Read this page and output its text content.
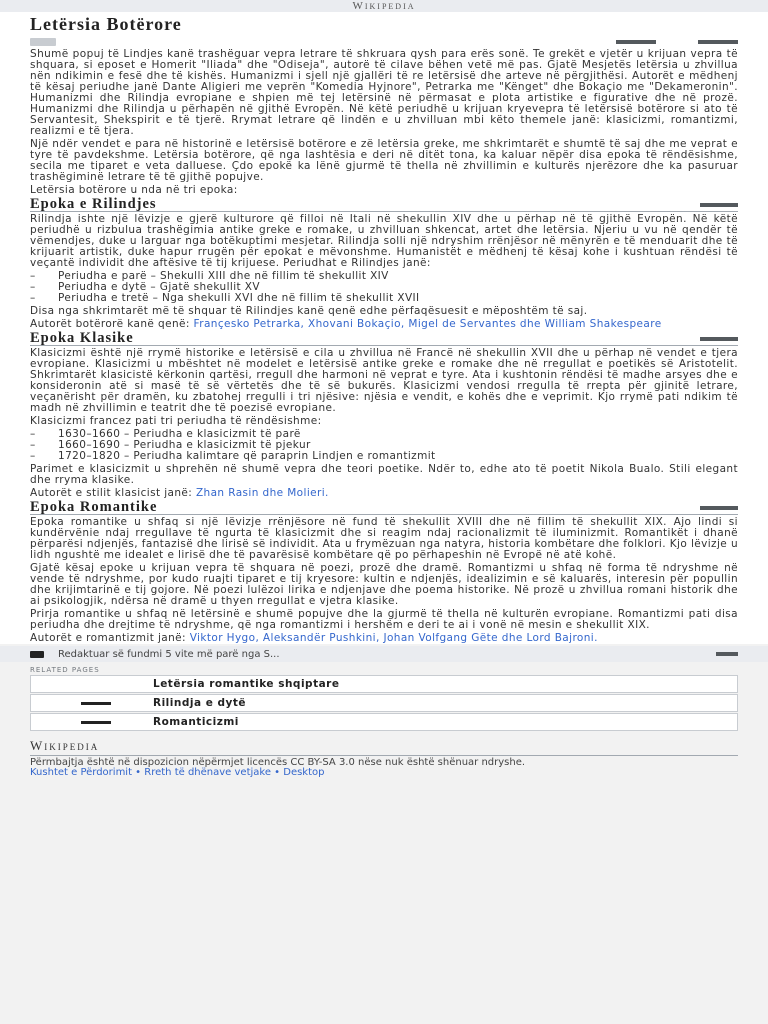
Wikipedia
Letërsia Botërore

Shumë popuj të Lindjes kanë trashëguar vepra letrare të shkruara qysh para erës sonë. Te grekët e vjetër u krijuan vepra të shquara, si eposet e Homerit "Iliada" dhe "Odiseja", autorë të cilave bëhen vetë më pas. Gjatë Mesjetës letërsia u zhvillua nën ndikimin e fesë dhe të kishës. Humanizmi i sjell një gjallëri të re letërsisë dhe arteve në përgjithësi. Autorët e mëdhenj të kësaj periudhe janë Dante Aligieri me veprën "Komedia Hyjnore", Petrarka me "Kënget" dhe Bokaçio me "Dekameronin". Humanizmi dhe Rilindja evropiane e shpien më tej letërsinë në përmasat e plota artistike e figurative dhe në prozë. Humanizmi dhe Rilindja u përhapën në gjithë Evropën. Në këtë periudhë u krijuan kryevepra të letërsisë botërore si ato të Servantesit, Shekspirit e të tjerë. Rrymat letrare që lindën e u zhvilluan mbi këto themele janë: klasicizmi, romantizmi, realizmi e të tjera.

Një ndër vendet e para në historinë e letërsisë botërore e zë letërsia greke, me shkrimtarët e shumtë të saj dhe me veprat e tyre të pavdekshme. Letërsia botërore, që nga lashtësia e deri në ditët tona, ka kaluar nëpër disa epoka të rëndësishme, secila me tiparet e veta dalluese. Çdo epokë ka lënë gjurmë të thella në zhvillimin e kulturës njerëzore dhe ka pasuruar trashëgiminë letrare të të gjithë popujve.

Letërsia botërore u nda në tri epoka:

Epoka e Rilindjes

Rilindja ishte një lëvizje e gjerë kulturore që filloi në Itali në shekullin XIV dhe u përhap në të gjithë Evropën. Në këtë periudhë u rizbulua trashëgimia antike greke e romake, u zhvilluan shkencat, artet dhe letërsia. Njeriu u vu në qendër të vëmendjes, duke u larguar nga botëkuptimi mesjetar. Rilindja solli një ndryshim rrënjësor në mënyrën e të menduarit dhe të krijuarit artistik, duke hapur rrugën për epokat e mëvonshme. Humanistët e mëdhenj të kësaj kohe i kushtuan rëndësi të veçantë individit dhe aftësive të tij krijuese. Periudhat e Rilindjes janë:

– Periudha e parë – Shekulli XIII dhe në fillim të shekullit XIV
– Periudha e dytë – Gjatë shekullit XV
– Periudha e tretë – Nga shekulli XVI dhe në fillim të shekullit XVII

Disa nga shkrimtarët më të shquar të Rilindjes kanë qenë edhe përfaqësuesit e mëposhtëm të saj.

Autorët botërorë kanë qenë: Françesko Petrarka, Xhovani Bokaçio, Migel de Servantes dhe William Shakespeare

Epoka Klasike

Klasicizmi është një rrymë historike e letërsisë e cila u zhvillua në Francë në shekullin XVII dhe u përhap në vendet e tjera evropiane. Klasicizmi u mbështet në modelet e letërsisë antike greke e romake dhe në rregullat e poetikës së Aristotelit. Shkrimtarët klasicistë kërkonin qartësi, rregull dhe harmoni në veprat e tyre. Ata i kushtonin rëndësi të madhe arsyes dhe e konsideronin atë si masë të së vërtetës dhe të së bukurës. Klasicizmi vendosi rregulla të rrepta për gjinitë letrare, veçanërisht për dramën, ku zbatohej rregulli i tri njësive: njësia e vendit, e kohës dhe e veprimit. Kjo rrymë pati ndikim të madh në zhvillimin e teatrit dhe të poezisë evropiane.

Klasicizmi francez pati tri periudha të rëndësishme:

– 1630–1660 – Periudha e klasicizmit të parë
– 1660–1690 – Periudha e klasicizmit të pjekur
– 1720–1820 – Periudha kalimtare që paraprin Lindjen e romantizmit

Parimet e klasicizmit u shprehën në shumë vepra dhe teori poetike. Ndër to, edhe ato të poetit Nikola Bualo. Stili elegant dhe rryma klasike.

Autorët e stilit klasicist janë: Zhan Rasin dhe Molieri.

Epoka Romantike

Epoka romantike u shfaq si një lëvizje rrënjësore në fund të shekullit XVIII dhe në fillim të shekullit XIX. Ajo lindi si kundërvënie ndaj rregullave të ngurta të klasicizmit dhe si reagim ndaj racionalizmit të iluminizmit. Romantikët i dhanë përparësi ndjenjës, fantazisë dhe lirisë së individit. Ata u frymëzuan nga natyra, historia kombëtare dhe folklori. Kjo lëvizje u lidh ngushtë me idealet e lirisë dhe të pavarësisë kombëtare që po përhapeshin në Evropë në atë kohë.

Gjatë kësaj epoke u krijuan vepra të shquara në poezi, prozë dhe dramë. Romantizmi u shfaq në forma të ndryshme në vende të ndryshme, por kudo ruajti tiparet e tij kryesore: kultin e ndjenjës, idealizimin e së kaluarës, interesin për popullin dhe krijimtarinë e tij gojore. Në poezi lulëzoi lirika e ndjenjave dhe poema historike. Në prozë u zhvillua romani historik dhe ai psikologjik, ndërsa në dramë u thyen rregullat e vjetra klasike.

Prirja romantike u shfaq në letërsinë e shumë popujve dhe la gjurmë të thella në kulturën evropiane. Romantizmi pati disa periudha dhe drejtime të ndryshme, që nga romantizmi i hershëm e deri te ai i vonë në mesin e shekullit XIX.

Autorët e romantizmit janë: Viktor Hygo, Aleksandër Pushkini, Johan Volfgang Gëte dhe Lord Bajroni.

Redaktuar së fundmi 5 vite më parë nga S...
RELATED PAGES
Letërsia romantike shqiptare
Rilindja e dytë
Romanticizmi
Wikipedia
Përmbajtja është në dispozicion nëpërmjet licencës CC BY-SA 3.0 nëse nuk është shënuar ndryshe.
Kushtet e Përdorimit • Rreth të dhënave vetjake • Desktop
